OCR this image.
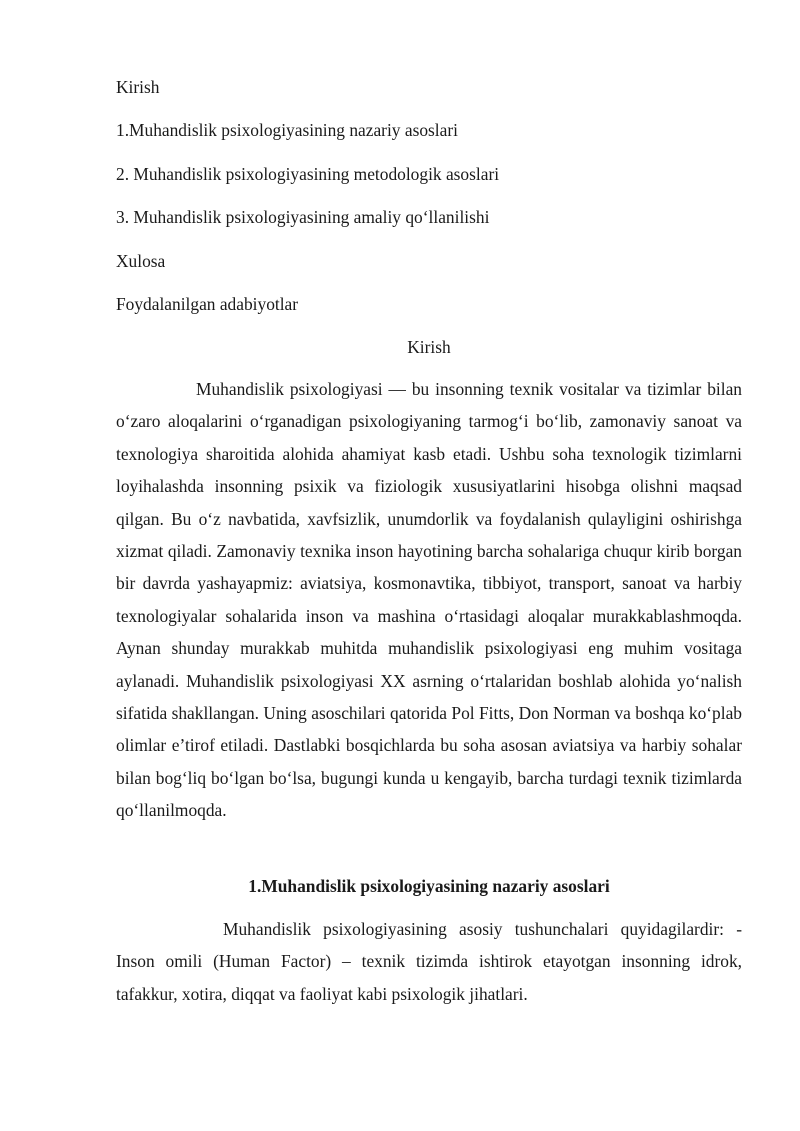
Kirish
1.Muhandislik psixologiyasining nazariy asoslari
2. Muhandislik psixologiyasining metodologik asoslari
3. Muhandislik psixologiyasining amaliy qo‘llanilishi
Xulosa
Foydalanilgan adabiyotlar
Kirish

Muhandislik psixologiyasi — bu insonning texnik vositalar va tizimlar bilan o‘zaro aloqalarini o‘rganadigan psixologiyaning tarmog‘i bo‘lib, zamonaviy sanoat va texnologiya sharoitida alohida ahamiyat kasb etadi. Ushbu soha texnologik tizimlarni loyihalashda insonning psixik va fiziologik xususiyatlarini hisobga olishni maqsad qilgan. Bu o‘z navbatida, xavfsizlik, unumdorlik va foydalanish qulayligini oshirishga xizmat qiladi. Zamonaviy texnika inson hayotining barcha sohalariga chuqur kirib borgan bir davrda yashayapmiz: aviatsiya, kosmonavtika, tibbiyot, transport, sanoat va harbiy texnologiyalar sohalarida inson va mashina o‘rtasidagi aloqalar murakkablashmoqda. Aynan shunday murakkab muhitda muhandislik psixologiyasi eng muhim vositaga aylanadi. Muhandislik psixologiyasi XX asrning o‘rtalaridan boshlab alohida yo‘nalish sifatida shakllangan. Uning asoschilari qatorida Pol Fitts, Don Norman va boshqa ko‘plab olimlar e’tirof etiladi. Dastlabki bosqichlarda bu soha asosan aviatsiya va harbiy sohalar bilan bog‘liq bo‘lgan bo‘lsa, bugungi kunda u kengayib, barcha turdagi texnik tizimlarda qo‘llanilmoqda.

1.Muhandislik psixologiyasining nazariy asoslari

Muhandislik psixologiyasining asosiy tushunchalari quyidagilardir: - Inson omili (Human Factor) – texnik tizimda ishtirok etayotgan insonning idrok, tafakkur, xotira, diqqat va faoliyat kabi psixologik jihatlari.
